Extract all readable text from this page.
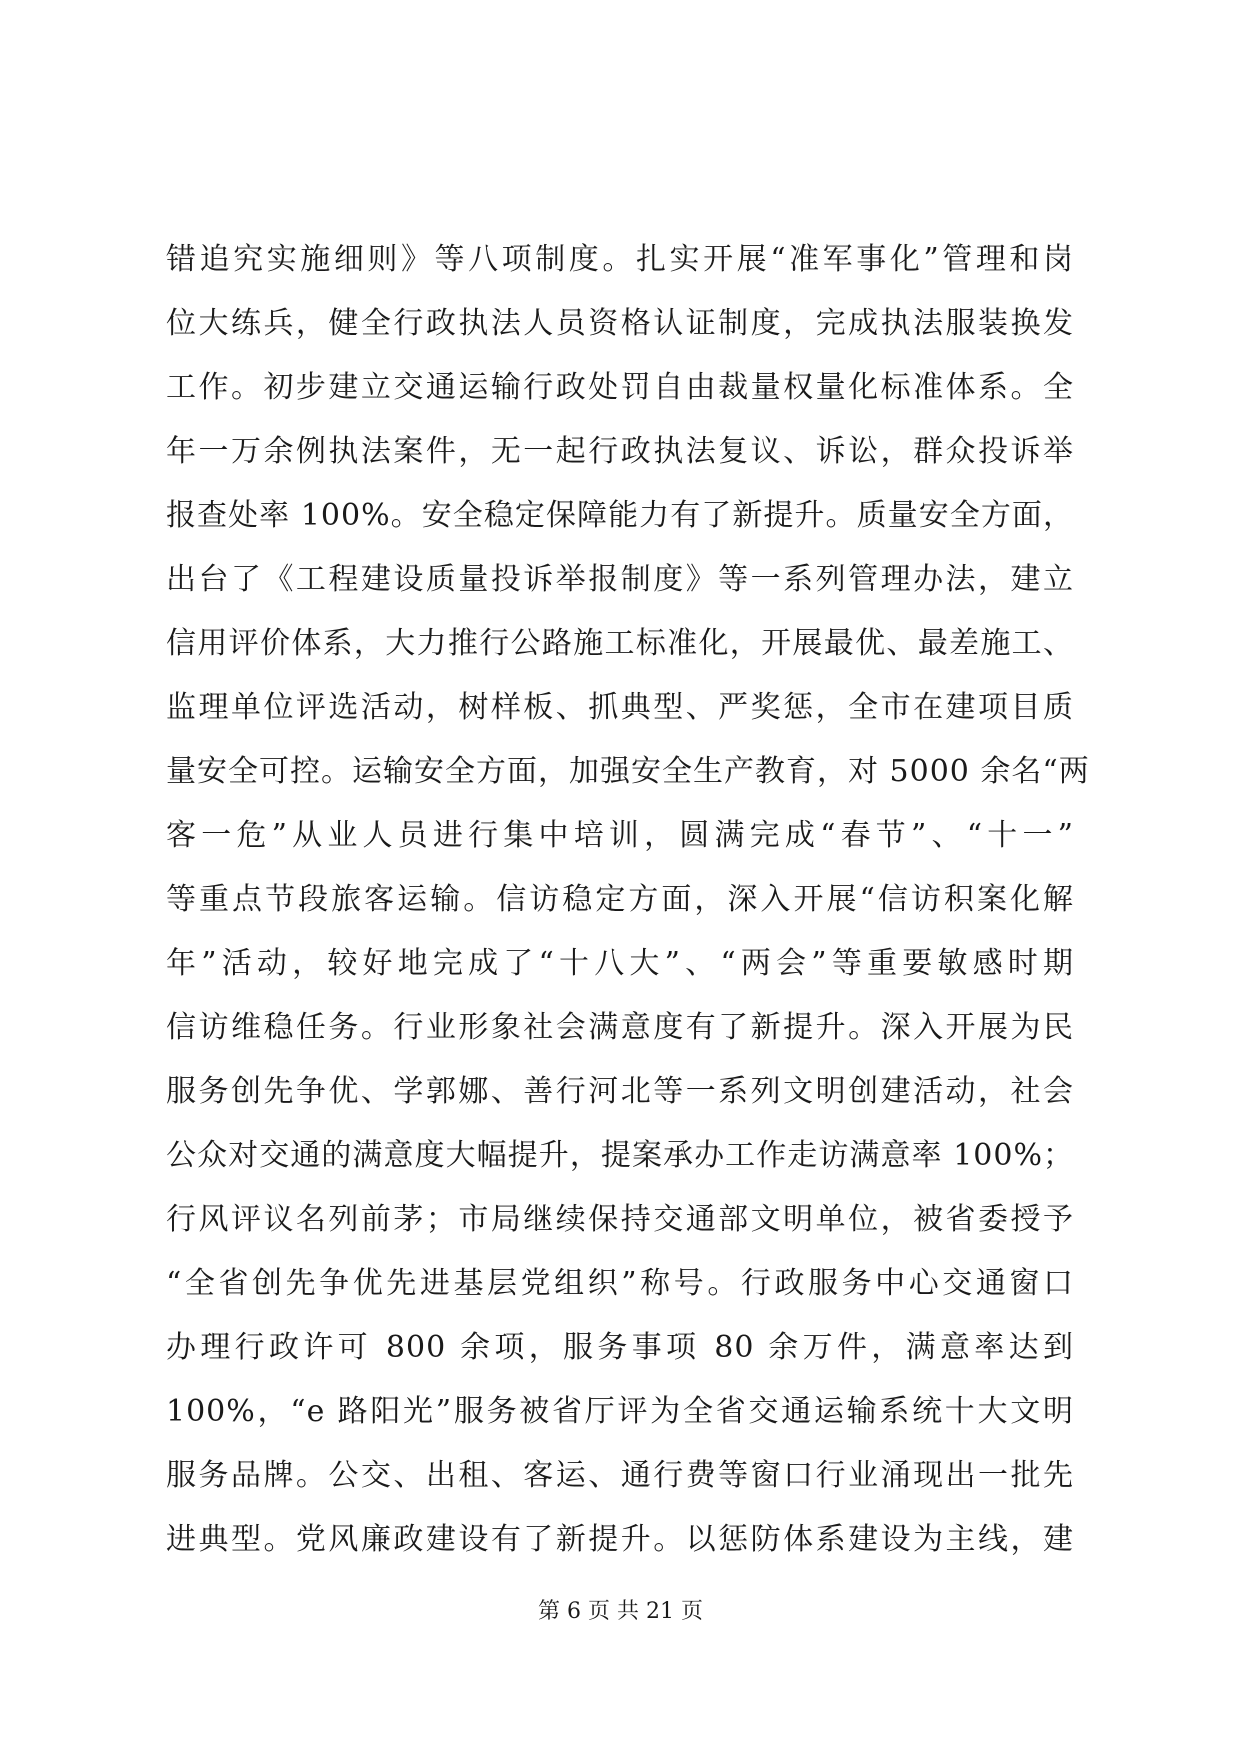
错追究实施细则》等八项制度。扎实开展“准军事化”管理和岗
位大练兵，健全行政执法人员资格认证制度，完成执法服装换发
工作。初步建立交通运输行政处罚自由裁量权量化标准体系。全
年一万余例执法案件，无一起行政执法复议、诉讼，群众投诉举
报查处率 100%。安全稳定保障能力有了新提升。质量安全方面，
出台了《工程建设质量投诉举报制度》等一系列管理办法，建立
信用评价体系，大力推行公路施工标准化，开展最优、最差施工、
监理单位评选活动，树样板、抓典型、严奖惩，全市在建项目质
量安全可控。运输安全方面，加强安全生产教育，对 5000 余名“两
客一危”从业人员进行集中培训，圆满完成“春节”、“十一”
等重点节段旅客运输。信访稳定方面，深入开展“信访积案化解
年”活动，较好地完成了“十八大”、“两会”等重要敏感时期
信访维稳任务。行业形象社会满意度有了新提升。深入开展为民
服务创先争优、学郭娜、善行河北等一系列文明创建活动，社会
公众对交通的满意度大幅提升，提案承办工作走访满意率 100%；
行风评议名列前茅；市局继续保持交通部文明单位，被省委授予
“全省创先争优先进基层党组织”称号。行政服务中心交通窗口
办理行政许可 800 余项，服务事项 80 余万件，满意率达到
100%，“e 路阳光”服务被省厅评为全省交通运输系统十大文明
服务品牌。公交、出租、客运、通行费等窗口行业涌现出一批先
进典型。党风廉政建设有了新提升。以惩防体系建设为主线，建
第 6 页 共 21 页
